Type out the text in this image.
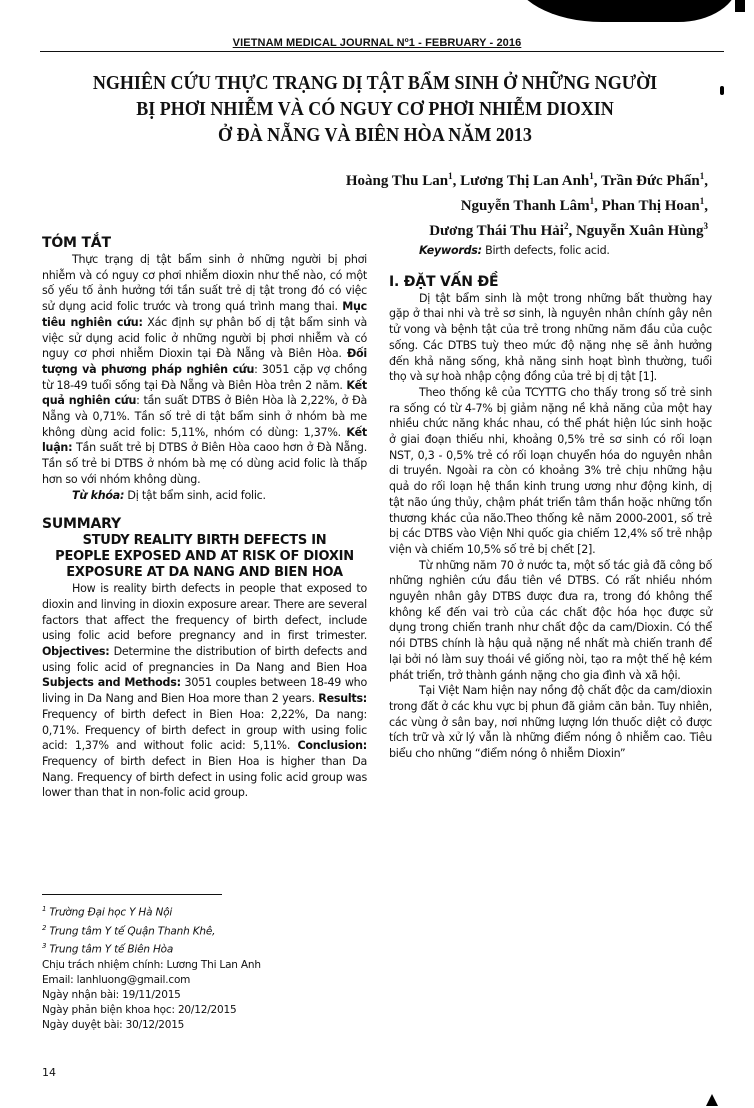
VIETNAM MEDICAL JOURNAL Nº1 - FEBRUARY - 2016
NGHIÊN CỨU THỰC TRẠNG DỊ TẬT BẨM SINH Ở NHỮNG NGƯỜI
BỊ PHƠI NHIỄM VÀ CÓ NGUY CƠ PHƠI NHIỄM DIOXIN
Ở ĐÀ NẴNG VÀ BIÊN HÒA NĂM 2013
Hoàng Thu Lan$^1$, Lương Thị Lan Anh$^1$, Trần Đức Phấn$^1$,
Nguyễn Thanh Lâm$^1$, Phan Thị Hoan$^1$,
Dương Thái Thu Hải$^2$, Nguyễn Xuân Hùng$^3$
TÓM TẮT

Thực trạng dị tật bẩm sinh ở những người bị phơi nhiễm và có nguy cơ phơi nhiễm dioxin như thế nào, có một số yếu tố ảnh hưởng tới tần suất trẻ dị tật trong đó có việc sử dụng acid folic trước và trong quá trình mang thai. Mục tiêu nghiên cứu: Xác định sự phân bố dị tật bẩm sinh và việc sử dụng acid folic ở những người bị phơi nhiễm và có nguy cơ phơi nhiễm Dioxin tại Đà Nẵng và Biên Hòa. Đối tượng và phương pháp nghiên cứu: 3051 cặp vợ chồng từ 18-49 tuổi sống tại Đà Nẵng và Biên Hòa trên 2 năm. Kết quả nghiên cứu: tần suất DTBS ở Biên Hòa là 2,22%, ở Đà Nẵng và 0,71%. Tần số trẻ di tật bẩm sinh ở nhóm bà me không dùng acid folic: 5,11%, nhóm có dùng: 1,37%. Kết luận: Tần suất trẻ bị DTBS ở Biên Hòa caoo hơn ở Đà Nẵng. Tần số trẻ bi DTBS ở nhóm bà mẹ có dùng acid folic là thấp hơn so với nhóm không dùng.

Từ khóa: Dị tật bẩm sinh, acid folic.

SUMMARY
STUDY REALITY BIRTH DEFECTS IN
PEOPLE EXPOSED AND AT RISK OF DIOXIN
EXPOSURE AT DA NANG AND BIEN HOA

How is reality birth defects in people that exposed to dioxin and linving in dioxin exposure arear. There are several factors that affect the frequency of birth defect, include using folic acid before pregnancy and in first trimester. Objectives: Determine the distribution of birth defects and using folic acid of pregnancies in Da Nang and Bien Hoa Subjects and Methods: 3051 couples between 18-49 who living in Da Nang and Bien Hoa more than 2 years. Results: Frequency of birth defect in Bien Hoa: 2,22%, Da nang: 0,71%. Frequency of birth defect in group with using folic acid: 1,37% and without folic acid: 5,11%. Conclusion: Frequency of birth defect in Bien Hoa is higher than Da Nang. Frequency of birth defect in using folic acid group was lower than that in non-folic acid group.

Keywords: Birth defects, folic acid.

I. ĐẶT VẤN ĐỀ

Dị tật bẩm sinh là một trong những bất thường hay gặp ở thai nhi và trẻ sơ sinh, là nguyên nhân chính gây nên tử vong và bệnh tật của trẻ trong những năm đầu của cuộc sống. Các DTBS tuỳ theo mức độ nặng nhẹ sẽ ảnh hưởng đến khả năng sống, khả năng sinh hoạt bình thường, tuổi thọ và sự hoà nhập cộng đồng của trẻ bị dị tật [1].

Theo thống kê của TCYTTG cho thấy trong số trẻ sinh ra sống có từ 4-7% bị giảm nặng nề khả năng của một hay nhiều chức năng khác nhau, có thể phát hiện lúc sinh hoặc ở giai đoạn thiếu nhi, khoảng 0,5% trẻ sơ sinh có rối loạn NST, 0,3 - 0,5% trẻ có rối loạn chuyển hóa do nguyên nhân di truyền. Ngoài ra còn có khoảng 3% trẻ chịu những hậu quả do rối loạn hệ thần kinh trung ương như động kinh, dị tật não úng thủy, chậm phát triển tâm thần hoặc những tổn thương khác của não.Theo thống kê năm 2000-2001, số trẻ bị các DTBS vào Viện Nhi quốc gia chiếm 12,4% số trẻ nhập viện và chiếm 10,5% số trẻ bị chết [2].

Từ những năm 70 ở nước ta, một số tác giả đã công bố những nghiên cứu đầu tiên về DTBS. Có rất nhiều nhóm nguyên nhân gây DTBS được đưa ra, trong đó không thể không kể đến vai trò của các chất độc hóa học được sử dụng trong chiến tranh như chất độc da cam/Dioxin. Có thể nói DTBS chính là hậu quả nặng nề nhất mà chiến tranh để lại bởi nó làm suy thoái về giống nòi, tạo ra một thế hệ kém phát triển, trở thành gánh nặng cho gia đình và xã hội.

Tại Việt Nam hiện nay nồng độ chất độc da cam/dioxin trong đất ở các khu vực bị phun đã giảm căn bản. Tuy nhiên, các vùng ở sân bay, nơi những lượng lớn thuốc diệt cỏ được tích trữ và xử lý vẫn là những điểm nóng ô nhiễm cao. Tiêu biểu cho những “điểm nóng ô nhiễm Dioxin”

$^1$ Trường Đại học Y Hà Nội
$^2$ Trung tâm Y tế Quận Thanh Khê,
$^3$ Trung tâm Y tế Biên Hòa
Chịu trách nhiệm chính: Lương Thi Lan Anh
Email: lanhluong@gmail.com
Ngày nhận bài: 19/11/2015
Ngày phản biện khoa học: 20/12/2015
Ngày duyệt bài: 30/12/2015
14
